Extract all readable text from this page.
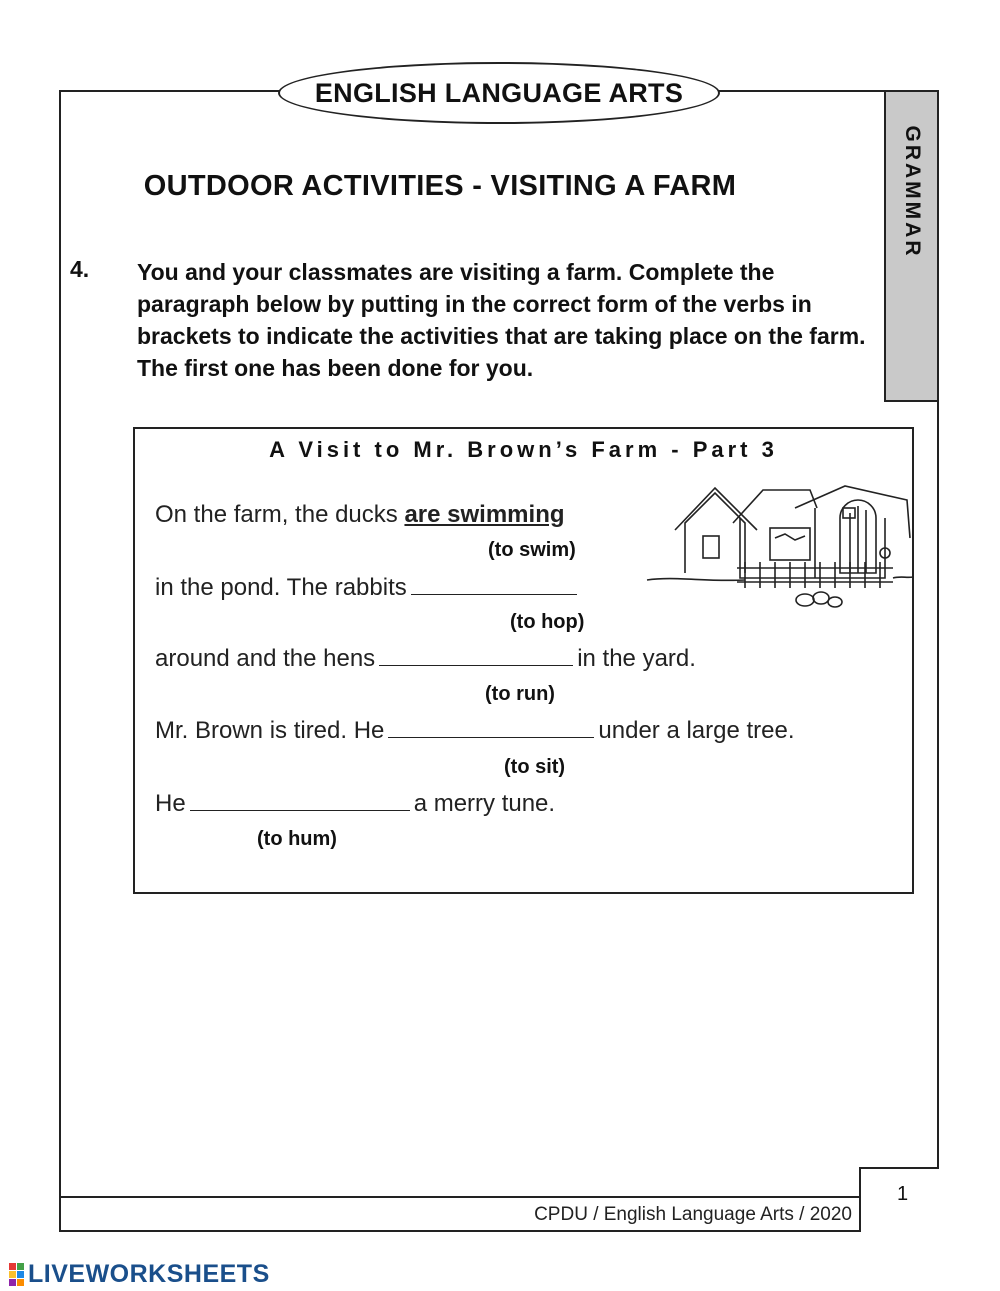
ENGLISH LANGUAGE ARTS
GRAMMAR
OUTDOOR ACTIVITIES - VISITING A FARM
4. You and your classmates are visiting a farm. Complete the paragraph below by putting in the correct form of the verbs in brackets to indicate the activities that are taking place on the farm. The first one has been done for you.
A Visit to Mr. Brown’s Farm - Part 3
On the farm, the ducks are swimming
(to swim)
in the pond. The rabbits
(to hop)
around and the hens	in the yard.
(to run)
Mr. Brown is tired. He	under a large tree.
(to sit)
He	a merry tune.
(to hum)
CPDU / English Language Arts / 2020
1
LIVEWORKSHEETS
